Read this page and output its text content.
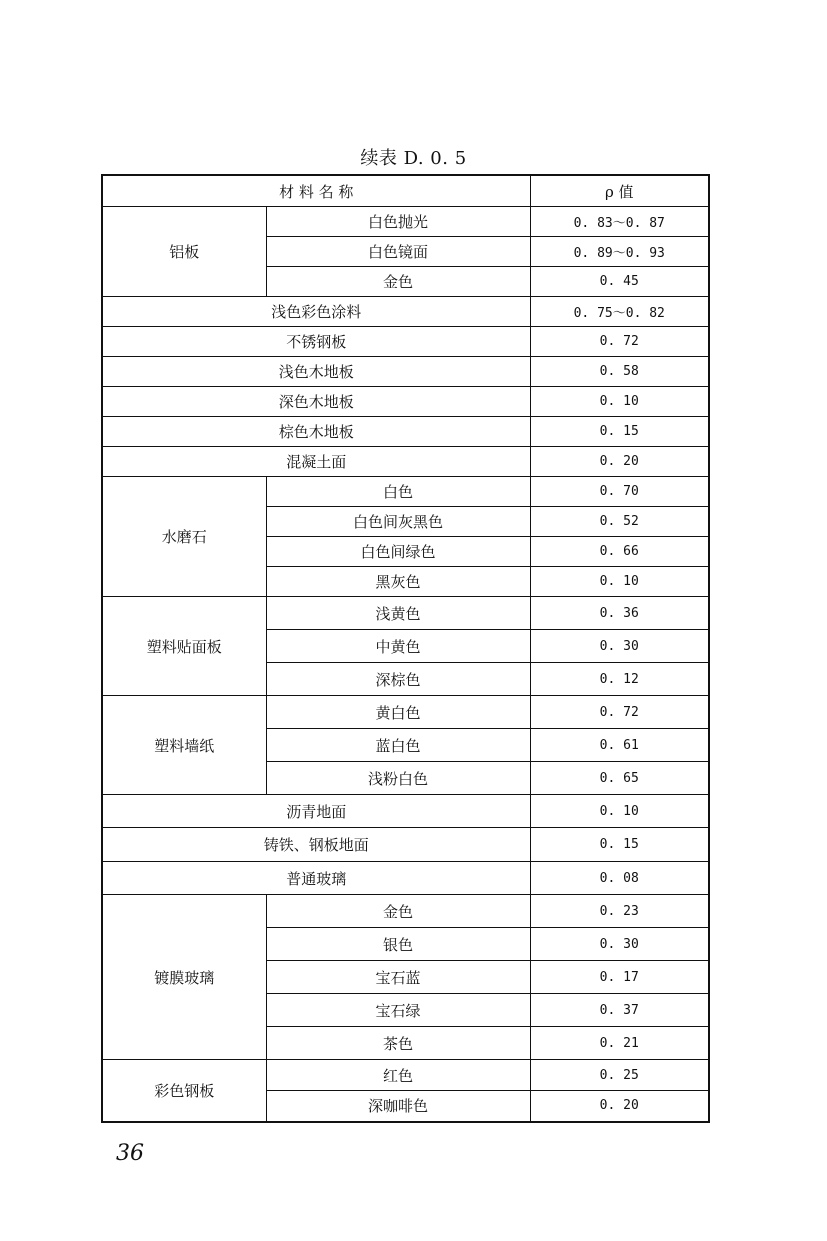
续表 D. 0. 5
材 料 名 称		ρ 值
铝板	白色抛光	0. 83～0. 87
	白色镜面	0. 89～0. 93
	金色	0. 45
浅色彩色涂料		0. 75～0. 82
不锈钢板		0. 72
浅色木地板		0. 58
深色木地板		0. 10
棕色木地板		0. 15
混凝土面		0. 20
水磨石	白色	0. 70
	白色间灰黑色	0. 52
	白色间绿色	0. 66
	黑灰色	0. 10
塑料贴面板	浅黄色	0. 36
	中黄色	0. 30
	深棕色	0. 12
塑料墙纸	黄白色	0. 72
	蓝白色	0. 61
	浅粉白色	0. 65
沥青地面		0. 10
铸铁、钢板地面		0. 15
普通玻璃		0. 08
镀膜玻璃	金色	0. 23
	银色	0. 30
	宝石蓝	0. 17
	宝石绿	0. 37
	茶色	0. 21
彩色钢板	红色	0. 25
	深咖啡色	0. 20
36
